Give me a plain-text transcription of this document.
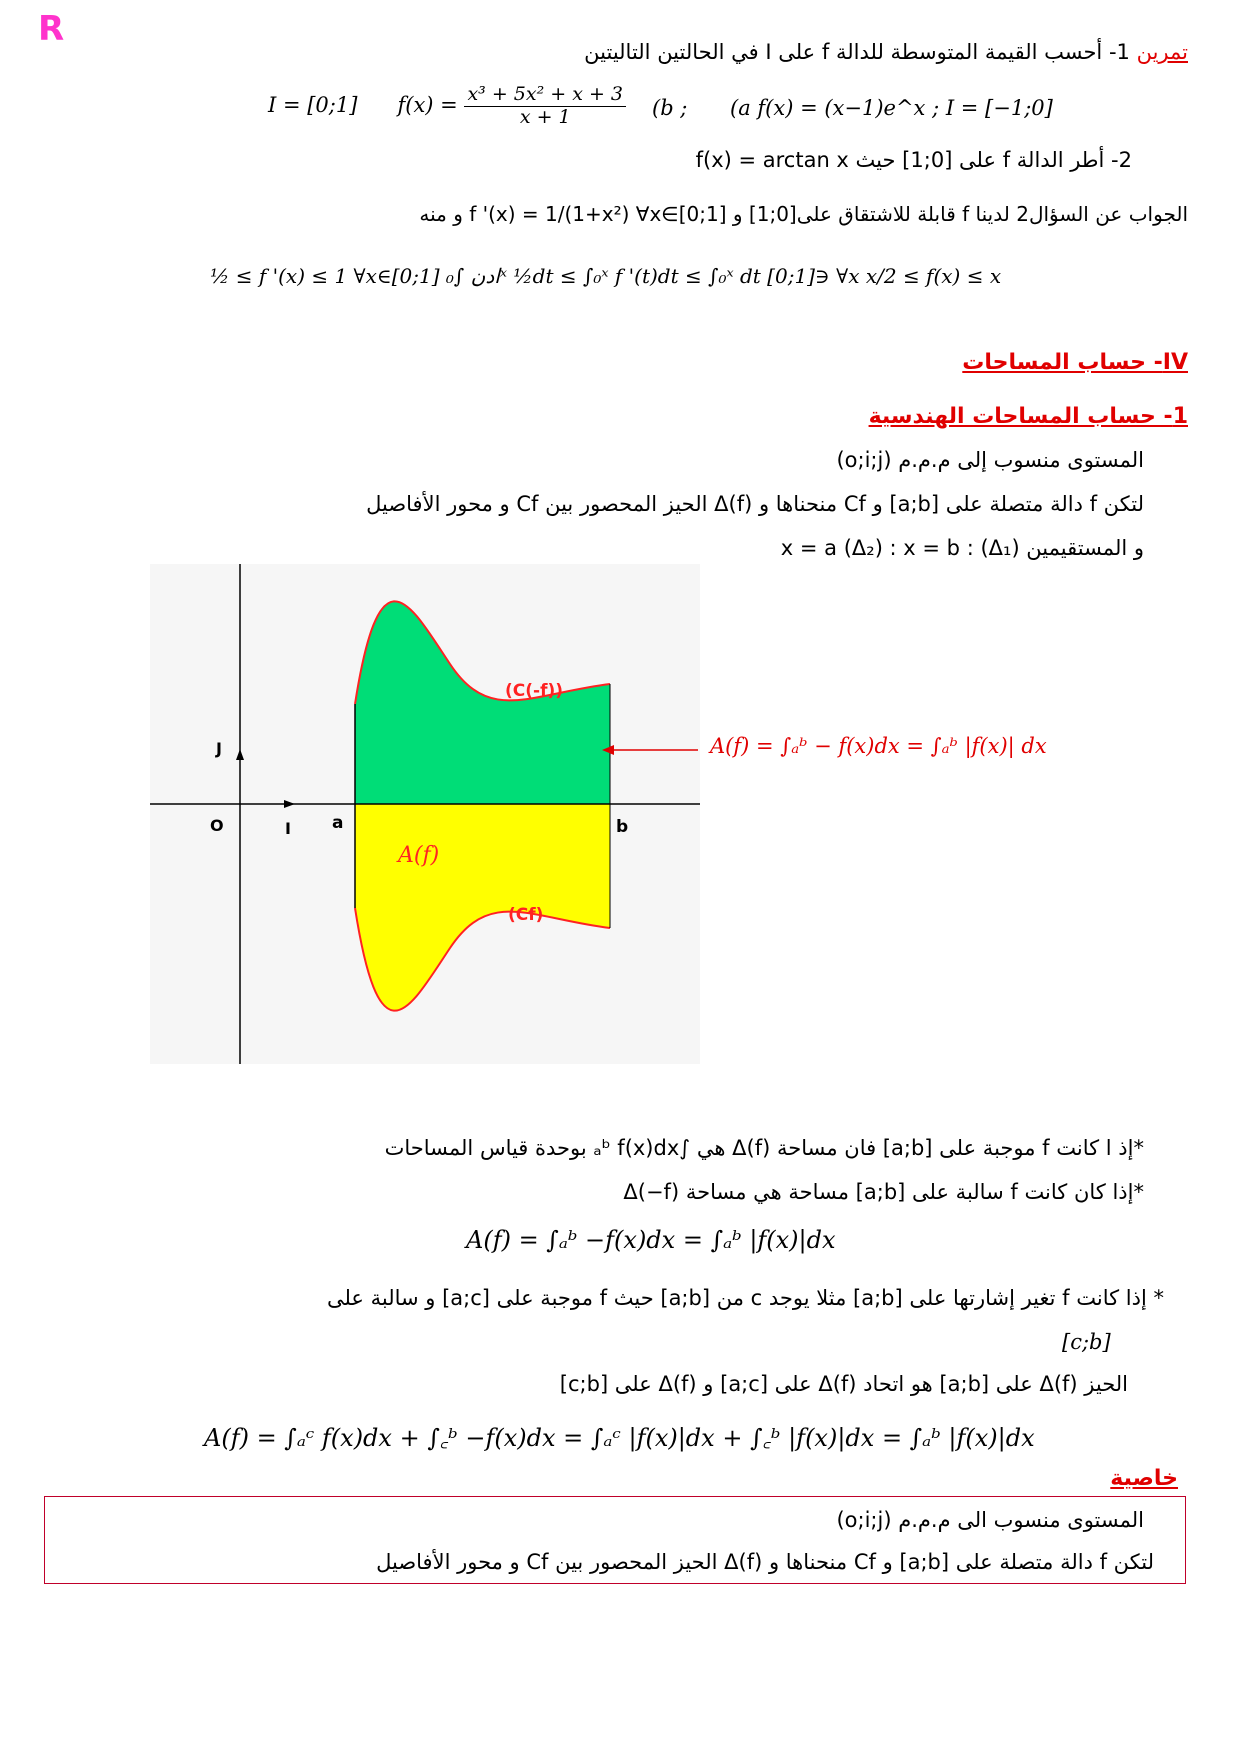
R
تمرين 1- أحسب القيمة المتوسطة للدالة f على I في الحالتين التاليتين
I = [0;1] $f(x) = \frac{\text{x³ + 5x² + x + 3}}{x + 1} (b$ ; (a f(x) = (x−1)e^x ; I = [−1;0]
2- أطر الدالة f على [0;1] حيث f(x) = arctan x
الجواب عن السؤال2 لدينا f قابلة للاشتقاق على[0;1] و f '(x) = 1/(1+x²) ∀x∈[0;1] و منه
½ ≤ f '(x) ≤ 1 ∀x∈[0;1] ادن ∫₀ˣ ½dt ≤ ∫₀ˣ f '(t)dt ≤ ∫₀ˣ dt [0;1]∋ ∀x x/2 ≤ f(x) ≤ x
IV- حساب المساحات
1- حساب المساحات الهندسية
المستوى منسوب إلى م.م.م (o;i;j)
لتكن f دالة متصلة على [a;b] و Cf منحناها و Δ(f) الحيز المحصور بين Cf و محور الأفاصيل
و المستقيمين (Δ₁) : x = a (Δ₂) : x = b
J
O	I a	b
(C(-f))
(Cf)
A(f)
A(f) = ∫ₐᵇ − f(x)dx = ∫ₐᵇ |f(x)| dx
*إذ ا كانت f موجبة على [a;b] فان مساحة Δ(f) هي ∫ₐᵇ f(x)dx بوحدة قياس المساحات
*إذا كان كانت f سالبة على [a;b] مساحة هي مساحة Δ(−f)
A(f) = ∫ₐᵇ −f(x)dx = ∫ₐᵇ |f(x)|dx
* إذا كانت f تغير إشارتها على [a;b] مثلا يوجد c من [a;b] حيث f موجبة على [a;c] و سالبة على
[c;b]
الحيز Δ(f) على [a;b] هو اتحاد Δ(f) على [a;c] و Δ(f) على [c;b]
A(f) = ∫ₐᶜ f(x)dx + ∫꜀ᵇ −f(x)dx = ∫ₐᶜ |f(x)|dx + ∫꜀ᵇ |f(x)|dx = ∫ₐᵇ |f(x)|dx
خاصية
المستوى منسوب الى م.م.م (o;i;j)
لتكن f دالة متصلة على [a;b] و Cf منحناها و Δ(f) الحيز المحصور بين Cf و محور الأفاصيل
